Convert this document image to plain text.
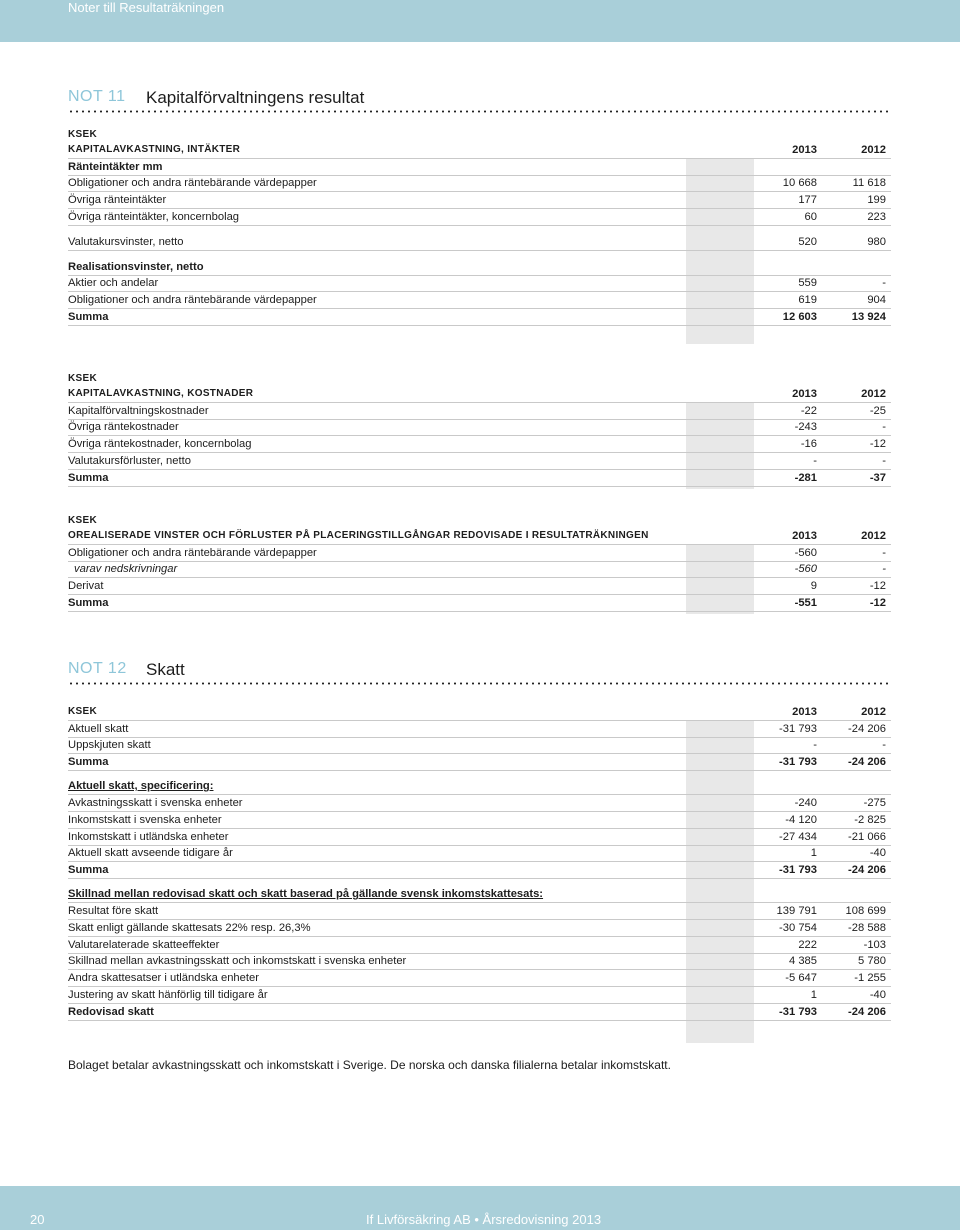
Noter till Resultaträkningen
NOT 11 Kapitalförvaltningens resultat
KSEK
KAPITALAVKASTNING, INTÄKTER	2013	2012
Ränteintäkter mm
Obligationer och andra räntebärande värdepapper	10 668	11 618
Övriga ränteintäkter	177	199
Övriga ränteintäkter, koncernbolag	60	223
Valutakursvinster, netto	520	980
Realisationsvinster, netto
Aktier och andelar	559	-
Obligationer och andra räntebärande värdepapper	619	904
Summa	12 603	13 924
KSEK
KAPITALAVKASTNING, KOSTNADER	2013	2012
Kapitalförvaltningskostnader	-22	-25
Övriga räntekostnader	-243	-
Övriga räntekostnader, koncernbolag	-16	-12
Valutakursförluster, netto	-	-
Summa	-281	-37
KSEK
OREALISERADE VINSTER OCH FÖRLUSTER PÅ PLACERINGSTILLGÅNGAR REDOVISADE I RESULTATRÄKNINGEN	2013	2012
Obligationer och andra räntebärande värdepapper	-560	-
varav nedskrivningar	-560	-
Derivat	9	-12
Summa	-551	-12
NOT 12 Skatt
KSEK	2013	2012
Aktuell skatt	-31 793	-24 206
Uppskjuten skatt	-	-
Summa	-31 793	-24 206
Aktuell skatt, specificering:
Avkastningsskatt i svenska enheter	-240	-275
Inkomstskatt i svenska enheter	-4 120	-2 825
Inkomstskatt i utländska enheter	-27 434	-21 066
Aktuell skatt avseende tidigare år	1	-40
Summa	-31 793	-24 206
Skillnad mellan redovisad skatt och skatt baserad på gällande svensk inkomstskattesats:
Resultat före skatt	139 791	108 699
Skatt enligt gällande skattesats 22% resp. 26,3%	-30 754	-28 588
Valutarelaterade skatteeffekter	222	-103
Skillnad mellan avkastningsskatt och inkomstskatt i svenska enheter	4 385	5 780
Andra skattesatser i utländska enheter	-5 647	-1 255
Justering av skatt hänförlig till tidigare år	1	-40
Redovisad skatt	-31 793	-24 206
Bolaget betalar avkastningsskatt och inkomstskatt i Sverige. De norska och danska filialerna betalar inkomstskatt.
20	If Livförsäkring AB • Årsredovisning 2013
